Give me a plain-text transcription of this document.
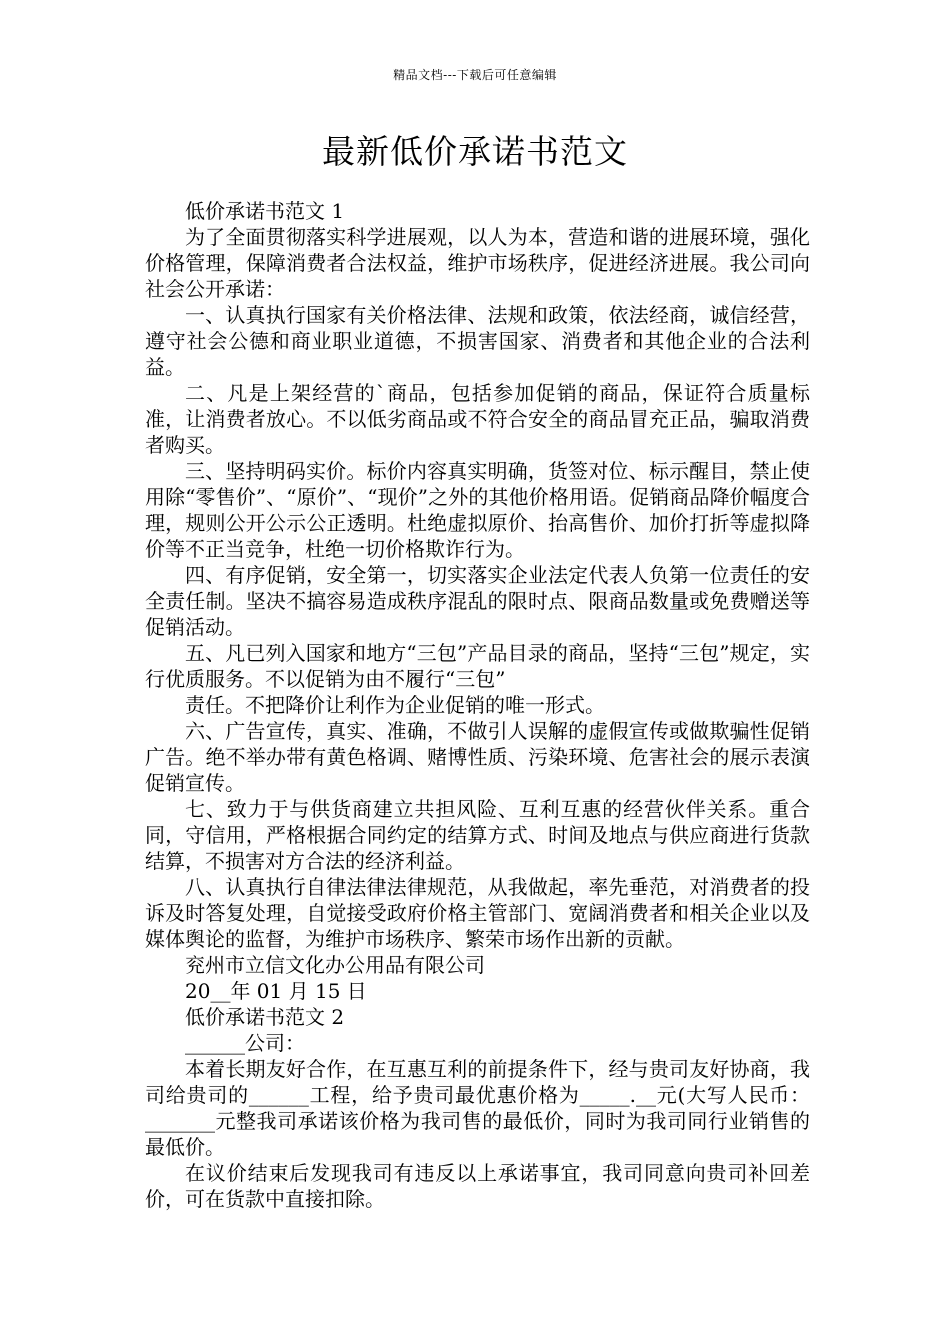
精品文档---下载后可任意编辑
最新低价承诺书范文

低价承诺书范文 1

为了全面贯彻落实科学进展观，以人为本，营造和谐的进展环境，强化价格管理，保障消费者合法权益，维护市场秩序，促进经济进展。我公司向社会公开承诺：

一、认真执行国家有关价格法律、法规和政策，依法经商，诚信经营，遵守社会公德和商业职业道德，不损害国家、消费者和其他企业的合法利益。

二、凡是上架经营的`商品，包括参加促销的商品，保证符合质量标准，让消费者放心。不以低劣商品或不符合安全的商品冒充正品，骗取消费者购买。

三、坚持明码实价。标价内容真实明确，货签对位、标示醒目，禁止使用除“零售价”、“原价”、“现价”之外的其他价格用语。促销商品降价幅度合理，规则公开公示公正透明。杜绝虚拟原价、抬高售价、加价打折等虚拟降价等不正当竞争，杜绝一切价格欺诈行为。

四、有序促销，安全第一，切实落实企业法定代表人负第一位责任的安全责任制。坚决不搞容易造成秩序混乱的限时点、限商品数量或免费赠送等促销活动。

五、凡已列入国家和地方“三包”产品目录的商品，坚持“三包”规定，实行优质服务。不以促销为由不履行“三包”

责任。不把降价让利作为企业促销的唯一形式。

六、广告宣传，真实、准确，不做引人误解的虚假宣传或做欺骗性促销广告。绝不举办带有黄色格调、赌博性质、污染环境、危害社会的展示表演促销宣传。

七、致力于与供货商建立共担风险、互利互惠的经营伙伴关系。重合同，守信用，严格根据合同约定的结算方式、时间及地点与供应商进行货款结算，不损害对方合法的经济利益。

八、认真执行自律法律法律规范，从我做起，率先垂范，对消费者的投诉及时答复处理，自觉接受政府价格主管部门、宽阔消费者和相关企业以及媒体舆论的监督，为维护市场秩序、繁荣市场作出新的贡献。

兖州市立信文化办公用品有限公司

20__年 01 月 15 日

低价承诺书范文 2

______公司：

本着长期友好合作，在互惠互利的前提条件下，经与贵司友好协商，我司给贵司的______工程，给予贵司最优惠价格为_____.__元(大写人民币：_______元整我司承诺该价格为我司售的最低价，同时为我司同行业销售的最低价。

在议价结束后发现我司有违反以上承诺事宜，我司同意向贵司补回差价，可在货款中直接扣除。
